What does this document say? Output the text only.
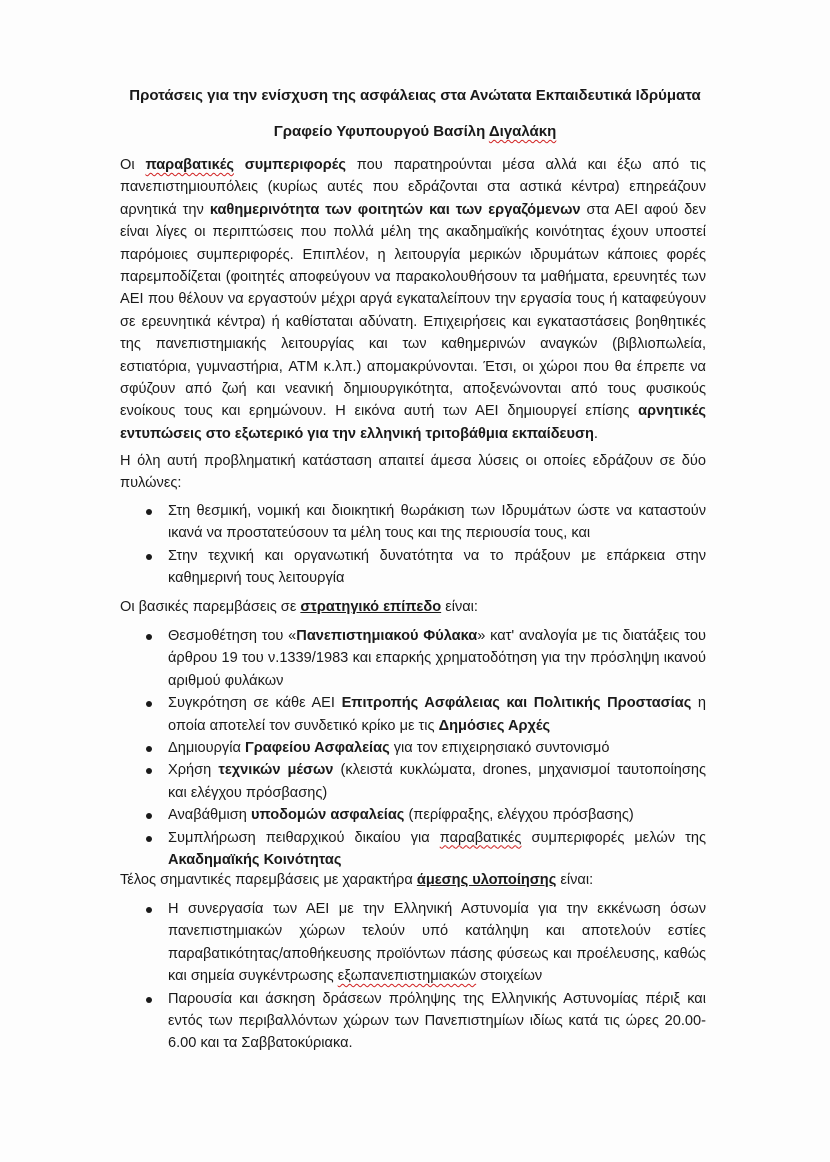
Προτάσεις για την ενίσχυση της ασφάλειας στα Ανώτατα Εκπαιδευτικά Ιδρύματα
Γραφείο Υφυπουργού Βασίλη Διγαλάκη

Οι παραβατικές συμπεριφορές που παρατηρούνται μέσα αλλά και έξω από τις πανεπιστημιουπόλεις (κυρίως αυτές που εδράζονται στα αστικά κέντρα) επηρεάζουν αρνητικά την καθημερινότητα των φοιτητών και των εργαζόμενων στα ΑΕΙ αφού δεν είναι λίγες οι περιπτώσεις που πολλά μέλη της ακαδημαϊκής κοινότητας έχουν υποστεί παρόμοιες συμπεριφορές. Επιπλέον, η λειτουργία μερικών ιδρυμάτων κάποιες φορές παρεμποδίζεται (φοιτητές αποφεύγουν να παρακολουθήσουν τα μαθήματα, ερευνητές των ΑΕΙ που θέλουν να εργαστούν μέχρι αργά εγκαταλείπουν την εργασία τους ή καταφεύγουν σε ερευνητικά κέντρα) ή καθίσταται αδύνατη. Επιχειρήσεις και εγκαταστάσεις βοηθητικές της πανεπιστημιακής λειτουργίας και των καθημερινών αναγκών (βιβλιοπωλεία, εστιατόρια, γυμναστήρια, ATM κ.λπ.) απομακρύνονται. Έτσι, οι χώροι που θα έπρεπε να σφύζουν από ζωή και νεανική δημιουργικότητα, αποξενώνονται από τους φυσικούς ενοίκους τους και ερημώνουν. Η εικόνα αυτή των ΑΕΙ δημιουργεί επίσης αρνητικές εντυπώσεις στο εξωτερικό για την ελληνική τριτοβάθμια εκπαίδευση.

Η όλη αυτή προβληματική κατάσταση απαιτεί άμεσα λύσεις οι οποίες εδράζουν σε δύο πυλώνες:

Στη θεσμική, νομική και διοικητική θωράκιση των Ιδρυμάτων ώστε να καταστούν ικανά να προστατεύσουν τα μέλη τους και της περιουσία τους, και
Στην τεχνική και οργανωτική δυνατότητα να το πράξουν με επάρκεια στην καθημερινή τους λειτουργία

Οι βασικές παρεμβάσεις σε στρατηγικό επίπεδο είναι:

Θεσμοθέτηση του «Πανεπιστημιακού Φύλακα» κατ' αναλογία με τις διατάξεις του άρθρου 19 του ν.1339/1983 και επαρκής χρηματοδότηση για την πρόσληψη ικανού αριθμού φυλάκων
Συγκρότηση σε κάθε ΑΕΙ Επιτροπής Ασφάλειας και Πολιτικής Προστασίας η οποία αποτελεί τον συνδετικό κρίκο με τις Δημόσιες Αρχές
Δημιουργία Γραφείου Ασφαλείας για τον επιχειρησιακό συντονισμό
Χρήση τεχνικών μέσων (κλειστά κυκλώματα, drones, μηχανισμοί ταυτοποίησης και ελέγχου πρόσβασης)
Αναβάθμιση υποδομών ασφαλείας (περίφραξης, ελέγχου πρόσβασης)
Συμπλήρωση πειθαρχικού δικαίου για παραβατικές συμπεριφορές μελών της Ακαδημαϊκής Κοινότητας

Τέλος σημαντικές παρεμβάσεις με χαρακτήρα άμεσης υλοποίησης είναι:

Η συνεργασία των ΑΕΙ με την Ελληνική Αστυνομία για την εκκένωση όσων πανεπιστημιακών χώρων τελούν υπό κατάληψη και αποτελούν εστίες παραβατικότητας/αποθήκευσης προϊόντων πάσης φύσεως και προέλευσης, καθώς και σημεία συγκέντρωσης εξωπανεπιστημιακών στοιχείων
Παρουσία και άσκηση δράσεων πρόληψης της Ελληνικής Αστυνομίας πέριξ και εντός των περιβαλλόντων χώρων των Πανεπιστημίων ιδίως κατά τις ώρες 20.00-6.00 και τα Σαββατοκύριακα.
